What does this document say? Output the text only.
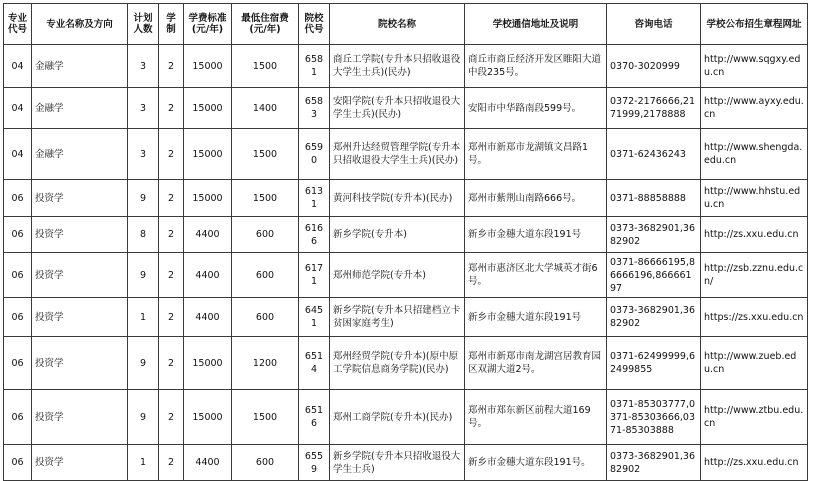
专业代号	专业名称及方向	计划人数	学制	学费标准(元/年)	最低住宿费(元/年)	院校代号	院校名称	学校通信地址及说明	咨询电话	学校公布招生章程网址
04	金融学	3	2	15000	1500	6581	商丘工学院(专升本只招收退役大学生士兵)(民办)	商丘市商丘经济开发区睢阳大道中段235号。	0370-3020999	http://www.sqgxy.edu.cn
04	金融学	3	2	15000	1400	6583	安阳学院(专升本只招收退役大学生士兵)(民办)	安阳市中华路南段599号。	0372-2176666,2171999,2178888	http://www.ayxy.edu.cn
04	金融学	3	2	15000	1500	6590	郑州升达经贸管理学院(专升本只招收退役大学生士兵)(民办)	郑州市新郑市龙湖镇文昌路1号。	0371-62436243	http://www.shengda.edu.cn
06	投资学	9	2	15000	1500	6131	黄河科技学院(专升本)(民办)	郑州市紫荆山南路666号。	0371-88858888	http://www.hhstu.edu.cn
06	投资学	8	2	4400	600	6166	新乡学院(专升本)	新乡市金穗大道东段191号	0373-3682901,3682902	http://zs.xxu.edu.cn
06	投资学	9	2	4400	600	6171	郑州师范学院(专升本)	郑州市惠济区北大学城英才街6号。	0371-86666195,86666196,86666197	http://zsb.zznu.edu.cn/
06	投资学	1	2	4400	600	6451	新乡学院(专升本只招建档立卡贫困家庭考生)	新乡市金穗大道东段191号	0373-3682901,3682902	https://zs.xxu.edu.cn
06	投资学	9	2	15000	1200	6514	郑州经贸学院(专升本)(原中原工学院信息商务学院)(民办)	郑州市新郑市南龙湖宫居教育园区双湖大道2号。	0371-62499999,62499855	http://www.zueb.edu.cn
06	投资学	9	2	15000	1500	6516	郑州工商学院(专升本)(民办)	郑州市郑东新区前程大道169号。	0371-85303777,0371-85303666,0371-85303888	http://www.ztbu.edu.cn
06	投资学	1	2	4400	600	6559	新乡学院(专升本只招收退役大学生士兵)	新乡市金穗大道东段191号。	0373-3682901,3682902	http://zs.xxu.edu.cn
